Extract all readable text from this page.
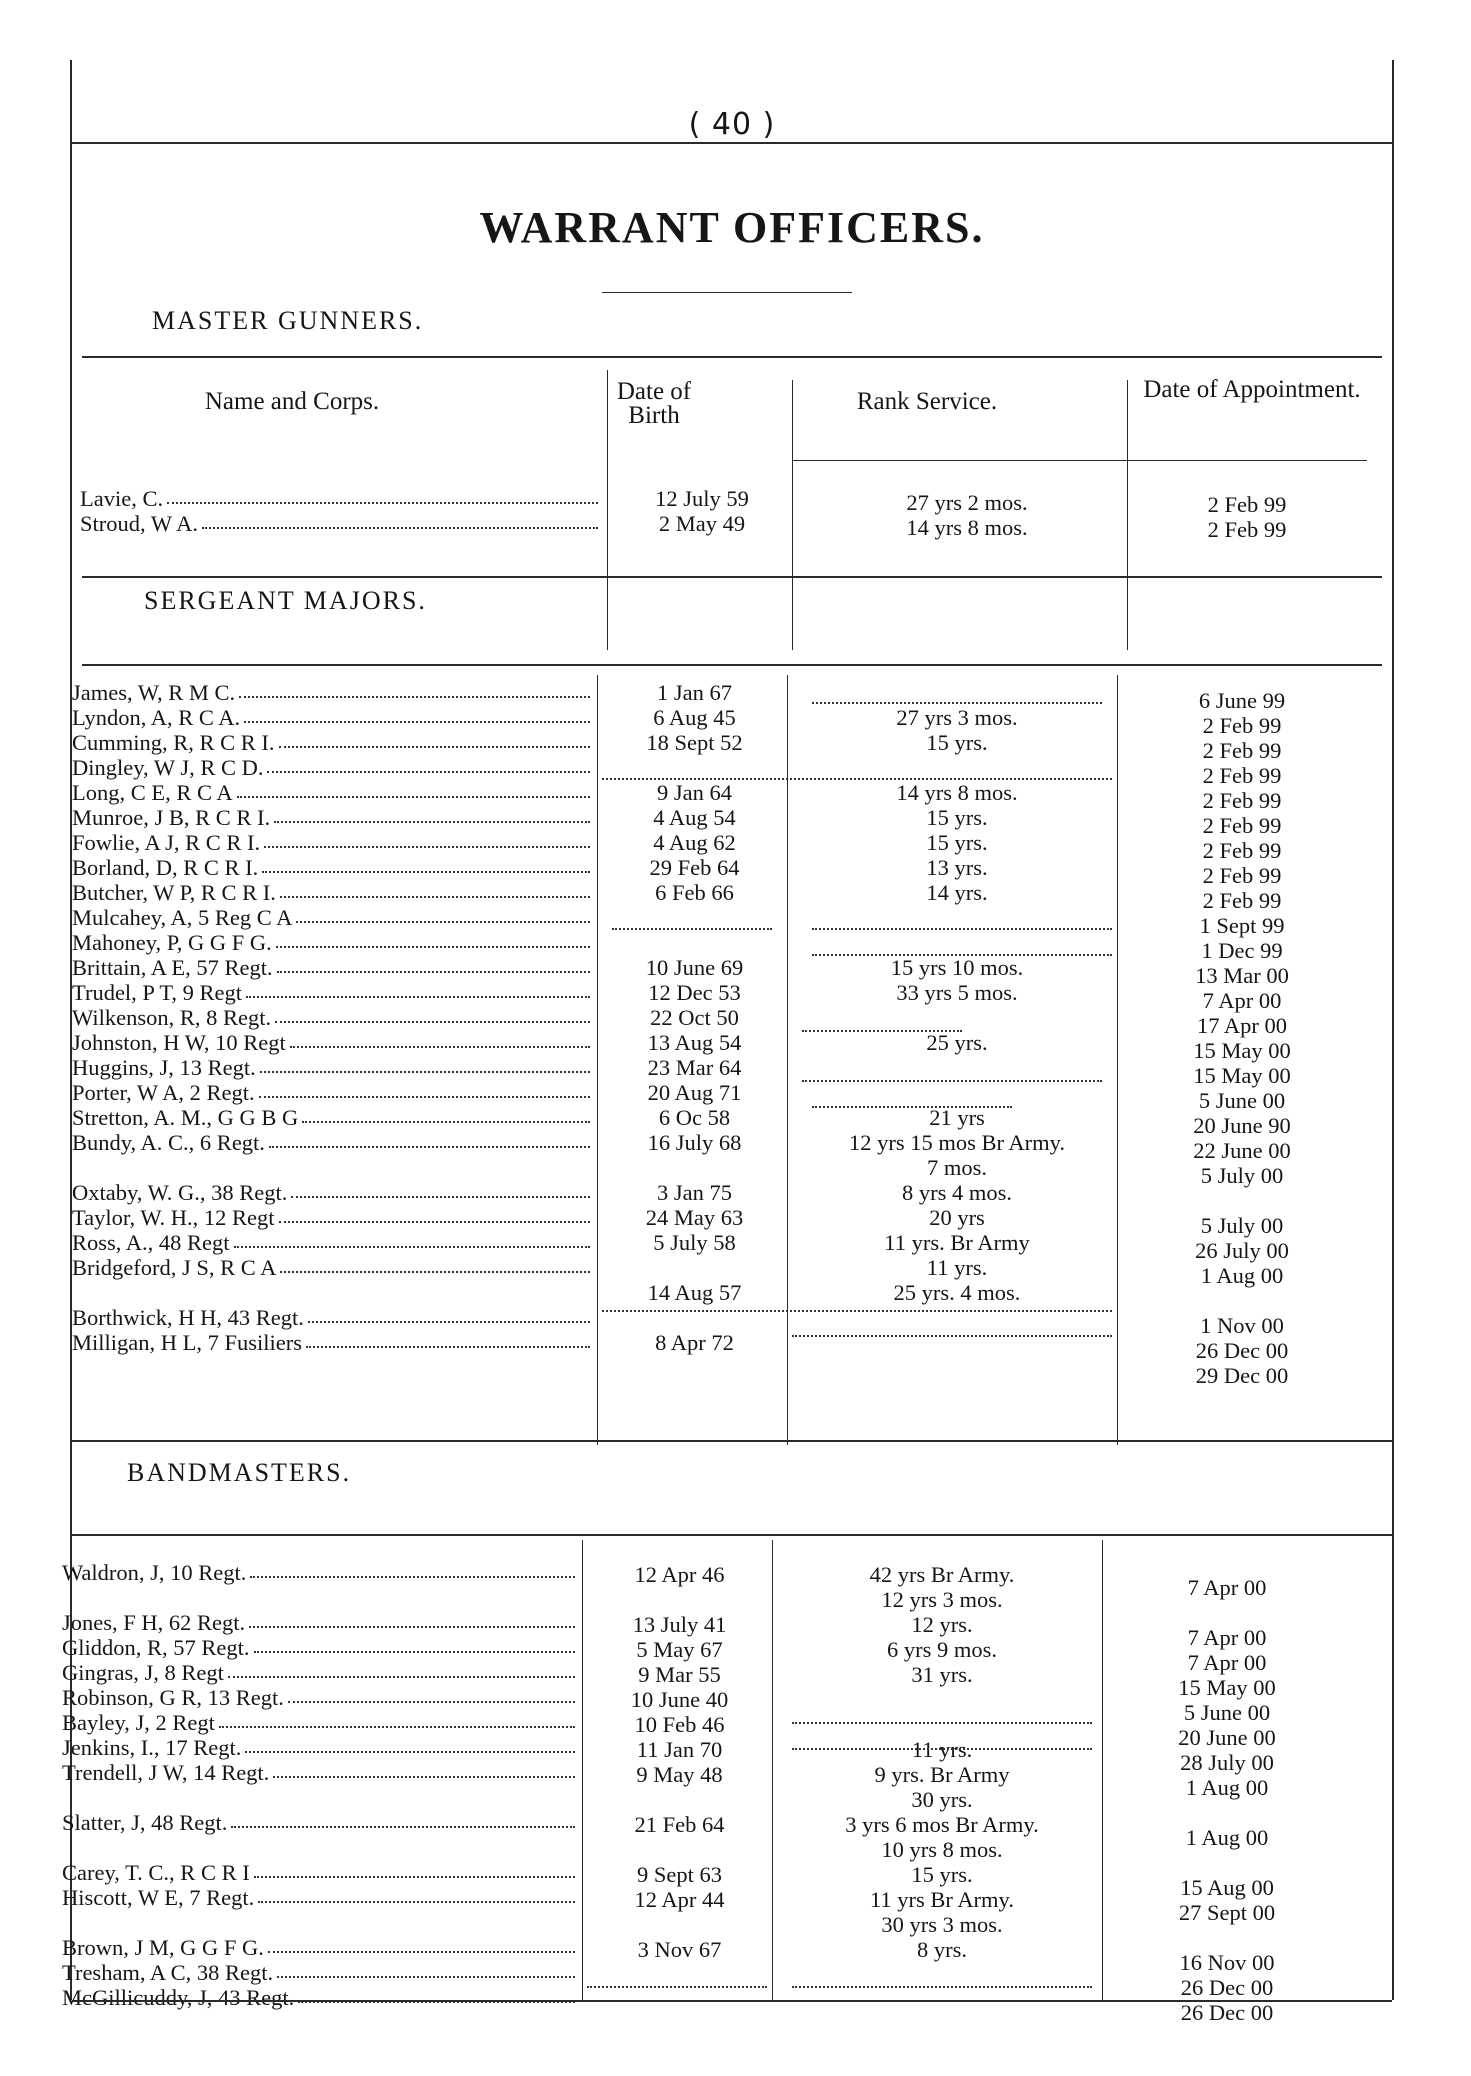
( 40 )
WARRANT OFFICERS.
MASTER GUNNERS.
Name and Corps.	Date of Birth
Rank Service.	Date of Appointment.
Lavie, C.
Stroud, W A.
12 July 59
2 May 49
27 yrs 2 mos.
14 yrs 8 mos.
2 Feb 99
2 Feb 99
SERGEANT MAJORS.
James, W, R M C.
Lyndon, A, R C A.
Cumming, R, R C R I.
Dingley, W J, R C D.
Long, C E, R C A
Munroe, J B, R C R I.
Fowlie, A J, R C R I.
Borland, D, R C R I.
Butcher, W P, R C R I.
Mulcahey, A, 5 Reg C A
Mahoney, P, G G F G.
Brittain, A E, 57 Regt.
Trudel, P T, 9 Regt
Wilkenson, R, 8 Regt.
Johnston, H W, 10 Regt
Huggins, J, 13 Regt.
Porter, W A, 2 Regt.
Stretton, A. M., G G B G
Bundy, A. C., 6 Regt.
Oxtaby, W. G., 38 Regt.
Taylor, W. H., 12 Regt
Ross, A., 48 Regt
Bridgeford, J S, R C A
Borthwick, H H, 43 Regt.
Milligan, H L, 7 Fusiliers
1 Jan 67
6 Aug 45
18 Sept 52
9 Jan 64
4 Aug 54
4 Aug 62
29 Feb 64
6 Feb 66
10 June 69
12 Dec 53
22 Oct 50
13 Aug 54
23 Mar 64
20 Aug 71
6 Oc 58
16 July 68
3 Jan 75
24 May 63
5 July 58
14 Aug 57
8 Apr 72
27 yrs 3 mos.
15 yrs.
14 yrs 8 mos.
15 yrs.
15 yrs.
13 yrs.
14 yrs.
15 yrs 10 mos.
33 yrs 5 mos.
25 yrs.
21 yrs
12 yrs 15 mos Br Army.
7 mos.
8 yrs 4 mos.
20 yrs
11 yrs. Br Army
11 yrs.
25 yrs. 4 mos.
6 June 99
2 Feb 99
2 Feb 99
2 Feb 99
2 Feb 99
2 Feb 99
2 Feb 99
2 Feb 99
2 Feb 99
1 Sept 99
1 Dec 99
13 Mar 00
7 Apr 00
17 Apr 00
15 May 00
15 May 00
5 June 00
20 June 90
22 June 00
5 July 00
5 July 00
26 July 00
1 Aug 00
1 Nov 00
26 Dec 00
29 Dec 00
BANDMASTERS.
Waldron, J, 10 Regt.
Jones, F H, 62 Regt.
Gliddon, R, 57 Regt.
Gingras, J, 8 Regt
Robinson, G R, 13 Regt.
Bayley, J, 2 Regt
Jenkins, I., 17 Regt.
Trendell, J W, 14 Regt.
Slatter, J, 48 Regt.
Carey, T. C., R C R I
Hiscott, W E, 7 Regt.
Brown, J M, G G F G.
Tresham, A C, 38 Regt.
McGillicuddy, J, 43 Regt.
12 Apr 46
13 July 41
5 May 67
9 Mar 55
10 June 40
10 Feb 46
11 Jan 70
9 May 48
21 Feb 64
9 Sept 63
12 Apr 44
3 Nov 67
42 yrs Br Army.
12 yrs 3 mos.
12 yrs.
6 yrs 9 mos.
31 yrs.
11 yrs.
9 yrs. Br Army
30 yrs.
3 yrs 6 mos Br Army.
10 yrs 8 mos.
15 yrs.
11 yrs Br Army.
30 yrs 3 mos.
8 yrs.
7 Apr 00
7 Apr 00
7 Apr 00
15 May 00
5 June 00
20 June 00
28 July 00
1 Aug 00
1 Aug 00
15 Aug 00
27 Sept 00
16 Nov 00
26 Dec 00
26 Dec 00
